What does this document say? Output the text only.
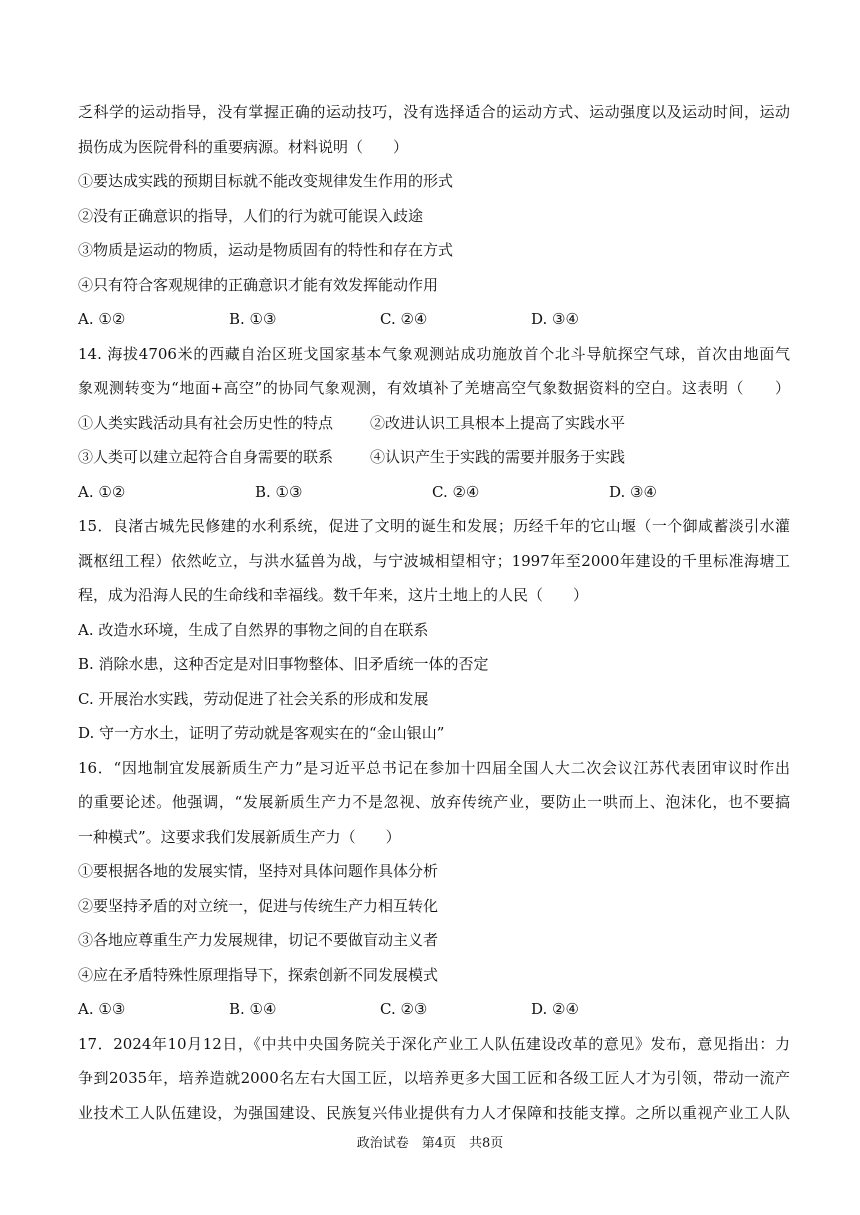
乏科学的运动指导，没有掌握正确的运动技巧，没有选择适合的运动方式、运动强度以及运动时间，运动
损伤成为医院骨科的重要病源。材料说明（　　）
①要达成实践的预期目标就不能改变规律发生作用的形式
②没有正确意识的指导，人们的行为就可能误入歧途
③物质是运动的物质，运动是物质固有的特性和存在方式
④只有符合客观规律的正确意识才能有效发挥能动作用
A. ①②	B. ①③	C. ②④	D. ③④
14. 海拔4706米的西藏自治区班戈国家基本气象观测站成功施放首个北斗导航探空气球，首次由地面气
象观测转变为“地面+高空”的协同气象观测，有效填补了羌塘高空气象数据资料的空白。这表明（　　）
①人类实践活动具有社会历史性的特点 ②改进认识工具根本上提高了实践水平
③人类可以建立起符合自身需要的联系 ④认识产生于实践的需要并服务于实践
A. ①②	B. ①③	C. ②④	D. ③④
15．良渚古城先民修建的水利系统，促进了文明的诞生和发展；历经千年的它山堰（一个御咸蓄淡引水灌
溉枢纽工程）依然屹立，与洪水猛兽为战，与宁波城相望相守；1997年至2000年建设的千里标准海塘工
程，成为沿海人民的生命线和幸福线。数千年来，这片土地上的人民（　　）
A. 改造水环境，生成了自然界的事物之间的自在联系
B. 消除水患，这种否定是对旧事物整体、旧矛盾统一体的否定
C. 开展治水实践，劳动促进了社会关系的形成和发展
D. 守一方水土，证明了劳动就是客观实在的“金山银山”
16．“因地制宜发展新质生产力”是习近平总书记在参加十四届全国人大二次会议江苏代表团审议时作出
的重要论述。他强调，“发展新质生产力不是忽视、放弃传统产业，要防止一哄而上、泡沫化，也不要搞
一种模式”。这要求我们发展新质生产力（　　）
①要根据各地的发展实情，坚持对具体问题作具体分析
②要坚持矛盾的对立统一，促进与传统生产力相互转化
③各地应尊重生产力发展规律，切记不要做盲动主义者
④应在矛盾特殊性原理指导下，探索创新不同发展模式
A. ①③	B. ①④	C. ②③	D. ②④
17．2024年10月12日，《中共中央国务院关于深化产业工人队伍建设改革的意见》发布，意见指出：力
争到2035年，培养造就2000名左右大国工匠，以培养更多大国工匠和各级工匠人才为引领，带动一流产
业技术工人队伍建设，为强国建设、民族复兴伟业提供有力人才保障和技能支撑。之所以重视产业工人队
政治试卷　第4页　共8页
